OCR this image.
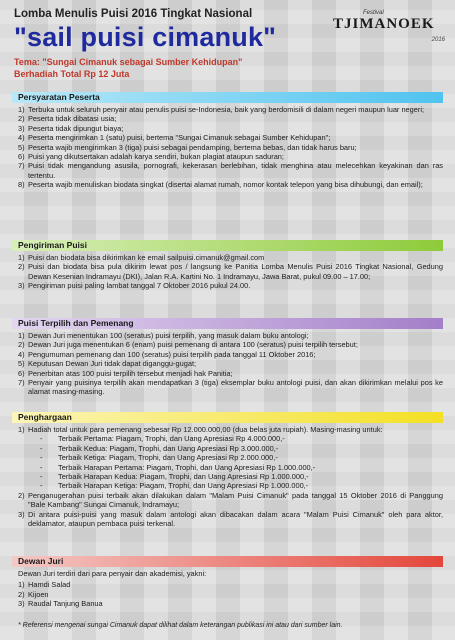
Lomba Menulis Puisi 2016 Tingkat Nasional
"sail puisi cimanuk"
Tema: "Sungai Cimanuk sebagai Sumber Kehidupan"
Berhadiah Total Rp 12 Juta
Festival
TJIMANOEK
2016
Persyaratan Peserta
1) Terbuka untuk seluruh penyair atau penulis puisi se-Indonesia, baik yang berdomisili di dalam negeri maupun luar negeri;
2) Peserta tidak dibatasi usia;
3) Peserta tidak dipungut biaya;
4) Peserta mengirimkan 1 (satu) puisi, bertema "Sungai Cimanuk sebagai Sumber Kehidupan";
5) Peserta wajib mengirimkan 3 (tiga) puisi sebagai pendamping, bertema bebas, dan tidak harus baru;
6) Puisi yang dikutsertakan adalah karya sendiri, bukan plagiat ataupun saduran;
7) Puisi tidak mengandung asusila, pornografi, kekerasan berlebihan, tidak menghina atau melecehkan keyakinan dan ras tertentu.
8) Peserta wajib menuliskan biodata singkat (disertai alamat rumah, nomor kontak telepon yang bisa dihubungi, dan email);
Pengiriman Puisi
1) Puisi dan biodata bisa dikirimkan ke email sailpuisi.cimanuk@gmail.com
2) Puisi dan biodata bisa pula dikirim lewat pos / langsung ke Panitia Lomba Menulis Puisi 2016 Tingkat Nasional, Gedung Dewan Kesenian Indramayu (DKI), Jalan R.A. Kartini No. 1 Indramayu, Jawa Barat, pukul 09.00 – 17.00;
3) Pengiriman puisi paling lambat tanggal 7 Oktober 2016 pukul 24.00.
Puisi Terpilih dan Pemenang
1) Dewan Juri menentukan 100 (seratus) puisi terpilih, yang masuk dalam buku antologi;
2) Dewan Juri juga menentukan 6 (enam) puisi pemenang di antara 100 (seratus) puisi terpilih tersebut;
4) Pengumuman pemenang dan 100 (seratus) puisi terpilih pada tanggal 11 Oktober 2016;
5) Keputusan Dewan Juri tidak dapat diganggu-gugat;
6) Penerbitan atas 100 puisi terpilih tersebut menjadi hak Panitia;
7) Penyair yang puisinya terpilih akan mendapatkan 3 (tiga) eksemplar buku antologi puisi, dan akan dikirimkan melalui pos ke alamat masing-masing.
Penghargaan
1) Hadiah total untuk para pemenang sebesar Rp 12.000.000,00 (dua belas juta rupiah). Masing-masing untuk:
-	Terbaik Pertama: Piagam, Trophi, dan Uang Apresiasi Rp 4.000.000,-
-	Terbaik Kedua: Piagam, Trophi, dan Uang Apresiasi Rp 3.000.000,-
-	Terbaik Ketiga: Piagam, Trophi, dan Uang Apresiasi Rp 2.000.000,-
-	Terbaik Harapan Pertama: Piagam, Trophi, dan Uang Apresiasi Rp 1.000.000,-
-	Terbaik Harapan Kedua: Piagam, Trophi, dan Uang Apresiasi Rp 1.000.000,-
-	Terbaik Harapan Ketiga: Piagam, Trophi, dan Uang Apresiasi Rp 1.000.000,-
2) Penganugerahan puisi terbaik akan dilakukan dalam "Malam Puisi Cimanuk" pada tanggal 15 Oktober 2016 di Panggung "Bale Kambang" Sungai Cimanuk, Indramayu;
3) Di antara puisi-puisi yang masuk dalam antologi akan dibacakan dalam acara "Malam Puisi Cimanuk" oleh para aktor, deklamator, ataupun pembaca puisi terkenal.
Dewan Juri
Dewan Juri terdiri dari para penyair dan akademisi, yakni:
1) Hamdi Salad
2) Kijoen
3) Raudal Tanjung Banua
* Referensi mengenai sungai Cimanuk dapat dilihat dalam keterangan publikasi ini atau dari sumber lain.
